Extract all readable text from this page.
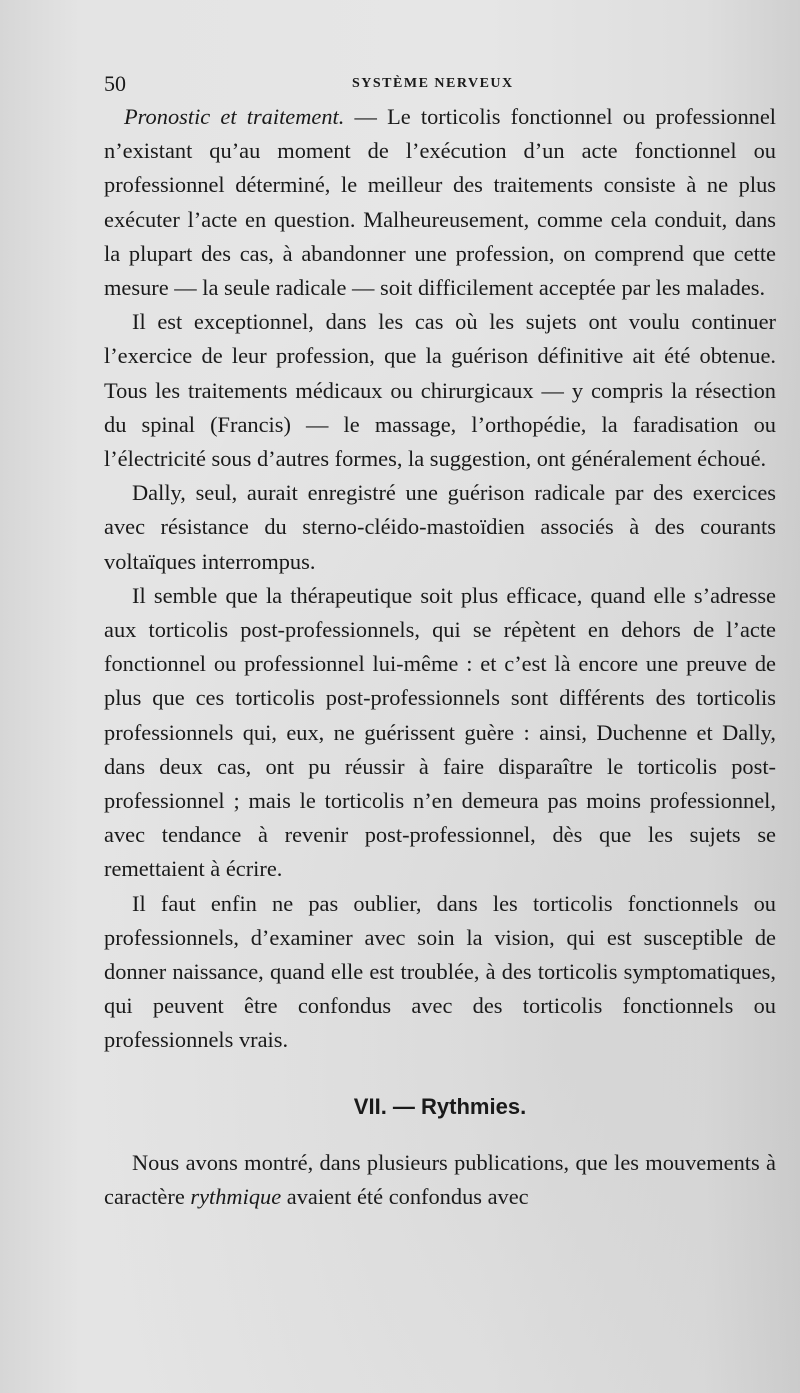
50	SYSTÈME NERVEUX

Pronostic et traitement. — Le torticolis fonctionnel ou professionnel n’existant qu’au moment de l’exécution d’un acte fonctionnel ou professionnel déterminé, le meilleur des traitements consiste à ne plus exécuter l’acte en question. Malheureusement, comme cela conduit, dans la plupart des cas, à abandonner une profession, on comprend que cette mesure — la seule radicale — soit difficilement acceptée par les malades.

Il est exceptionnel, dans les cas où les sujets ont voulu continuer l’exercice de leur profession, que la guérison définitive ait été obtenue. Tous les traitements médicaux ou chirurgicaux — y compris la résection du spinal (Francis) — le massage, l’orthopédie, la faradisation ou l’électricité sous d’autres formes, la suggestion, ont généralement échoué.

Dally, seul, aurait enregistré une guérison radicale par des exercices avec résistance du sterno-cléido-mastoïdien associés à des courants voltaïques interrompus.

Il semble que la thérapeutique soit plus efficace, quand elle s’adresse aux torticolis post-professionnels, qui se répètent en dehors de l’acte fonctionnel ou professionnel lui-même : et c’est là encore une preuve de plus que ces torticolis post-professionnels sont différents des torticolis professionnels qui, eux, ne guérissent guère : ainsi, Duchenne et Dally, dans deux cas, ont pu réussir à faire disparaître le torticolis post-professionnel ; mais le torticolis n’en demeura pas moins professionnel, avec tendance à revenir post-professionnel, dès que les sujets se remettaient à écrire.

Il faut enfin ne pas oublier, dans les torticolis fonctionnels ou professionnels, d’examiner avec soin la vision, qui est susceptible de donner naissance, quand elle est troublée, à des torticolis symptomatiques, qui peuvent être confondus avec des torticolis fonctionnels ou professionnels vrais.

VII. — Rythmies.

Nous avons montré, dans plusieurs publications, que les mouvements à caractère rythmique avaient été confondus avec
